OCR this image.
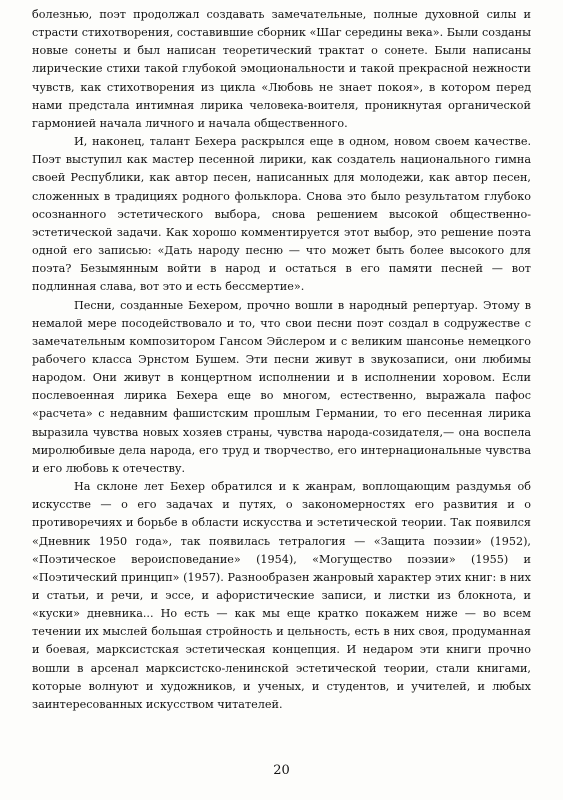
болезнью, поэт продолжал создавать замечательные, полные духовной силы и страсти стихотворения, составившие сборник «Шаг середины века». Были созданы новые сонеты и был написан теоретический трактат о сонете. Были написаны лирические стихи такой глубокой эмоциональности и такой прекрасной нежности чувств, как стихотворения из цикла «Любовь не знает покоя», в котором перед нами предстала интимная лирика человека-воителя, проникнутая органической гармонией начала личного и начала общественного.

И, наконец, талант Бехера раскрылся еще в одном, новом своем качестве. Поэт выступил как мастер песенной лирики, как создатель национального гимна своей Республики, как автор песен, написанных для молодежи, как автор песен, сложенных в традициях родного фольклора. Снова это было результатом глубоко осознанного эстетического выбора, снова решением высокой общественно-эстетической задачи. Как хорошо комментируется этот выбор, это решение поэта одной его записью: «Дать народу песню — что может быть более высокого для поэта? Безымянным войти в народ и остаться в его памяти песней — вот подлинная слава, вот это и есть бессмертие».

Песни, созданные Бехером, прочно вошли в народный репертуар. Этому в немалой мере посодействовало и то, что свои песни поэт создал в содружестве с замечательным композитором Гансом Эйслером и с великим шансонье немецкого рабочего класса Эрнстом Бушем. Эти песни живут в звукозаписи, они любимы народом. Они живут в концертном исполнении и в исполнении хоровом. Если послевоенная лирика Бехера еще во многом, естественно, выражала пафос «расчета» с недавним фашистским прошлым Германии, то его песенная лирика выразила чувства новых хозяев страны, чувства народа-созидателя,— она воспела миролюбивые дела народа, его труд и творчество, его интернациональные чувства и его любовь к отечеству.

На склоне лет Бехер обратился и к жанрам, воплощающим раздумья об искусстве — о его задачах и путях, о закономерностях его развития и о противоречиях и борьбе в области искусства и эстетической теории. Так появился «Дневник 1950 года», так появилась тетралогия — «Защита поэзии» (1952), «Поэтическое вероисповедание» (1954), «Могущество поэзии» (1955) и «Поэтический принцип» (1957). Разнообразен жанровый характер этих книг: в них и статьи, и речи, и эссе, и афористические записи, и листки из блокнота, и «куски» дневника... Но есть — как мы еще кратко покажем ниже — во всем течении их мыслей большая стройность и цельность, есть в них своя, продуманная и боевая, марксистская эстетическая концепция. И недаром эти книги прочно вошли в арсенал марксистско-ленинской эстетической теории, стали книгами, которые волнуют и художников, и ученых, и студентов, и учителей, и любых заинтересованных искусством читателей.

20
